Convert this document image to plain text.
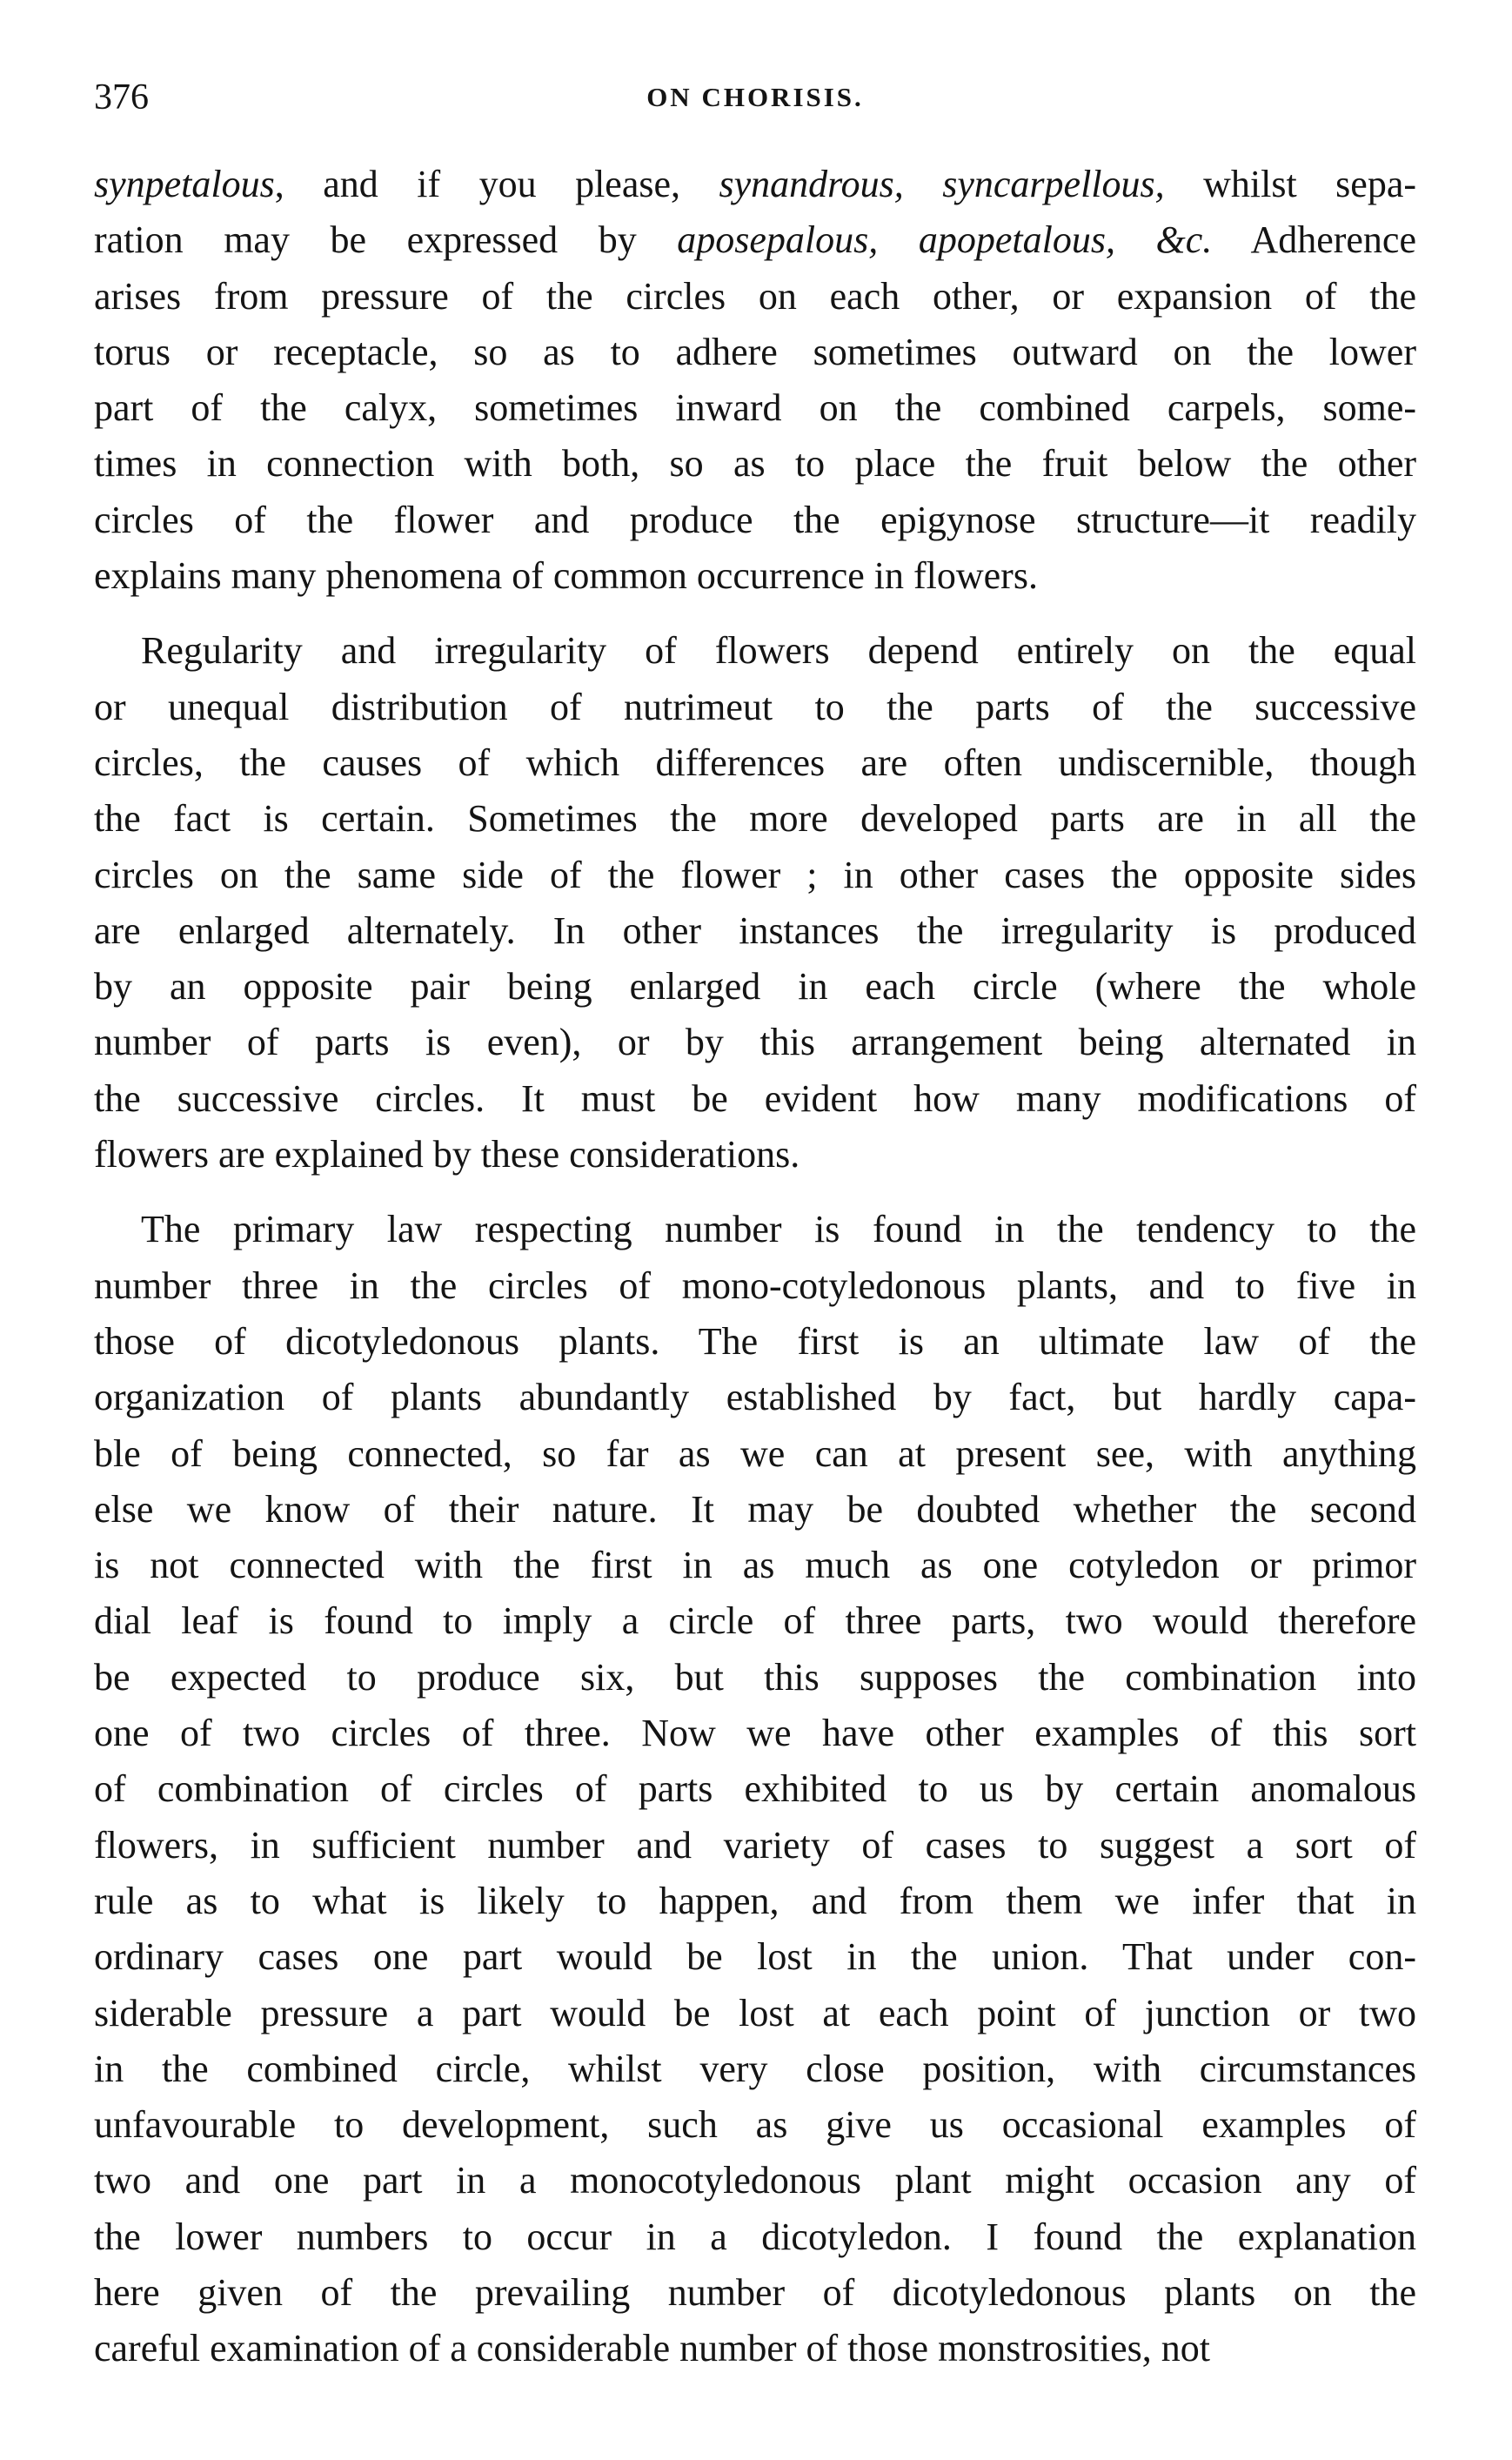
376	ON CHORISIS.
synpetalous, and if you please, synandrous, syncarpellous, whilst sepa-
ration may be expressed by aposepalous, apopetalous, &c. Adherence
arises from pressure of the circles on each other, or expansion of the
torus or receptacle, so as to adhere sometimes outward on the lower
part of the calyx, sometimes inward on the combined carpels, some-
times in connection with both, so as to place the fruit below the other
circles of the flower and produce the epigynose structure—it readily
explains many phenomena of common occurrence in flowers.
Regularity and irregularity of flowers depend entirely on the equal
or unequal distribution of nutrimeut to the parts of the successive
circles, the causes of which differences are often undiscernible, though
the fact is certain. Sometimes the more developed parts are in all the
circles on the same side of the flower ; in other cases the opposite sides
are enlarged alternately. In other instances the irregularity is produced
by an opposite pair being enlarged in each circle (where the whole
number of parts is even), or by this arrangement being alternated in
the successive circles. It must be evident how many modifications of
flowers are explained by these considerations.
The primary law respecting number is found in the tendency to the
number three in the circles of mono-cotyledonous plants, and to five in
those of dicotyledonous plants. The first is an ultimate law of the
organization of plants abundantly established by fact, but hardly capa-
ble of being connected, so far as we can at present see, with anything
else we know of their nature. It may be doubted whether the second
is not connected with the first in as much as one cotyledon or primor
dial leaf is found to imply a circle of three parts, two would therefore
be expected to produce six, but this supposes the combination into
one of two circles of three. Now we have other examples of this sort
of combination of circles of parts exhibited to us by certain anomalous
flowers, in sufficient number and variety of cases to suggest a sort of
rule as to what is likely to happen, and from them we infer that in
ordinary cases one part would be lost in the union. That under con-
siderable pressure a part would be lost at each point of junction or two
in the combined circle, whilst very close position, with circumstances
unfavourable to development, such as give us occasional examples of
two and one part in a monocotyledonous plant might occasion any of
the lower numbers to occur in a dicotyledon. I found the explanation
here given of the prevailing number of dicotyledonous plants on the
careful examination of a considerable number of those monstrosities, not
